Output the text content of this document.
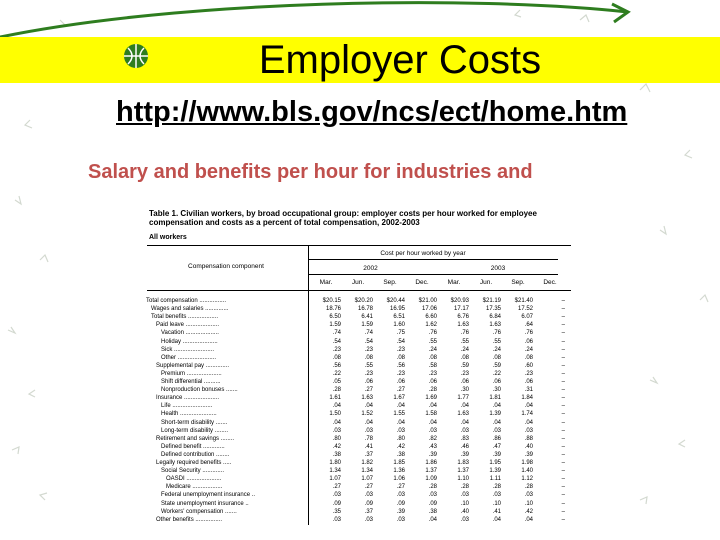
Employer Costs
http://www.bls.gov/ncs/ect/home.htm
Salary and benefits per hour for industries and
Table 1. Civilian workers, by broad occupational group: employer costs per hour worked for employee compensation and costs as a percent of total compensation, 2002-2003
All workers
Cost per hour worked by year
Compensation component	2002	2003
Mar.	Jun.	Sep.	Dec.	Mar.	Jun.	Sep.	Dec.
Total compensation ................	$20.15	$20.20	$20.44	$21.00	$20.93	$21.19	$21.40	–
Wages and salaries ..............	18.76	16.78	16.95	17.06	17.17	17.35	17.52	–
Total benefits ..................	6.50	6.41	6.51	6.60	6.76	6.84	6.07	–
Paid leave ....................	1.59	1.59	1.60	1.62	1.63	1.63	.64	–
Vacation ....................	.74	.74	.75	.76	.76	.76	.76	–
Holiday .....................	.54	.54	.54	.55	.55	.55	.06	–
Sick ........................	.23	.23	.23	.24	.24	.24	.24	–
Other .......................	.08	.08	.08	.08	.08	.08	.08	–
Supplemental pay ..............	.56	.55	.56	.58	.59	.59	.60	–
Premium .....................	.22	.23	.23	.23	.23	.22	.23	–
Shift differential ..........	.05	.06	.06	.06	.06	.06	.06	–
Nonproduction bonuses .......	.28	.27	.27	.28	.30	.30	.31	–
Insurance .....................	1.61	1.63	1.67	1.69	1.77	1.81	1.84	–
Life ........................	.04	.04	.04	.04	.04	.04	.04	–
Health ......................	1.50	1.52	1.55	1.58	1.63	1.39	1.74	–
Short-term disability .......	.04	.04	.04	.04	.04	.04	.04	–
Long-term disability ........	.03	.03	.03	.03	.03	.03	.03	–
Retirement and savings ........	.80	.78	.80	.82	.83	.86	.88	–
Defined benefit .............	.42	.41	.42	.43	.46	.47	.40	–
Defined contribution ........	.38	.37	.38	.39	.39	.39	.39	–
Legally required benefits .....	1.80	1.82	1.85	1.86	1.83	1.95	1.98	–
Social Security .............	1.34	1.34	1.36	1.37	1.37	1.39	1.40	–
OASDI .....................	1.07	1.07	1.06	1.09	1.10	1.11	1.12	–
Medicare ..................	.27	.27	.27	.28	.28	.28	.28	–
Federal unemployment insurance ..	.03	.03	.03	.03	.03	.03	.03	–
State unemployment insurance ..	.09	.09	.09	.09	.10	.10	.10	–
Workers' compensation .......	.35	.37	.39	.38	.40	.41	.42	–
Other benefits ................	.03	.03	.03	.04	.03	.04	.04	–
